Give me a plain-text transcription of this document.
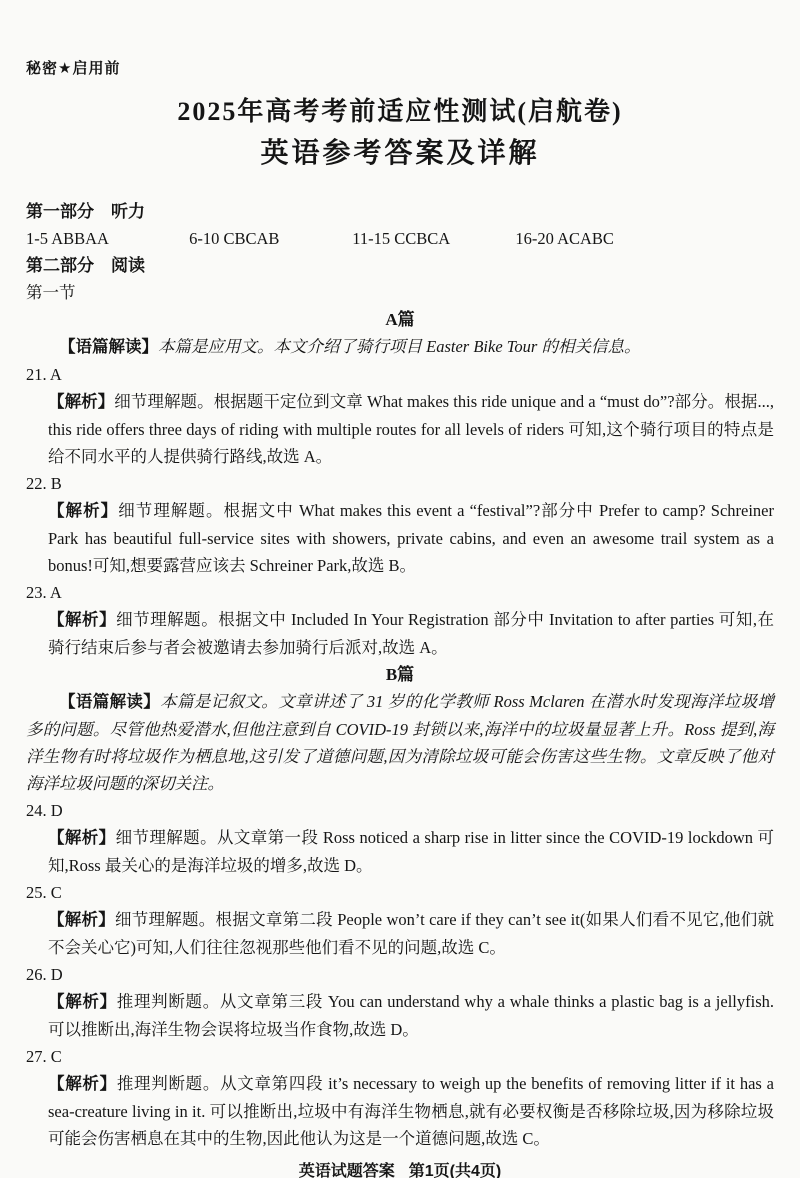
秘密★启用前
2025年高考考前适应性测试(启航卷)
英语参考答案及详解
第一部分　听力
1-5 ABBAA	6-10 CBCAB	11-15 CCBCA	16-20 ACABC
第二部分　阅读
第一节
A篇

【语篇解读】本篇是应用文。本文介绍了骑行项目 Easter Bike Tour 的相关信息。

21. A

【解析】细节理解题。根据题干定位到文章 What makes this ride unique and a “must do”?部分。根据..., this ride offers three days of riding with multiple routes for all levels of riders 可知,这个骑行项目的特点是给不同水平的人提供骑行路线,故选 A。

22. B

【解析】细节理解题。根据文中 What makes this event a “festival”?部分中 Prefer to camp? Schreiner Park has beautiful full-service sites with showers, private cabins, and even an awesome trail system as a bonus!可知,想要露营应该去 Schreiner Park,故选 B。

23. A

【解析】细节理解题。根据文中 Included In Your Registration 部分中 Invitation to after parties 可知,在骑行结束后参与者会被邀请去参加骑行后派对,故选 A。

B篇

【语篇解读】本篇是记叙文。文章讲述了 31 岁的化学教师 Ross Mclaren 在潜水时发现海洋垃圾增多的问题。尽管他热爱潜水,但他注意到自 COVID-19 封锁以来,海洋中的垃圾量显著上升。Ross 提到,海洋生物有时将垃圾作为栖息地,这引发了道德问题,因为清除垃圾可能会伤害这些生物。文章反映了他对海洋垃圾问题的深切关注。

24. D

【解析】细节理解题。从文章第一段 Ross noticed a sharp rise in litter since the COVID-19 lockdown 可知,Ross 最关心的是海洋垃圾的增多,故选 D。

25. C

【解析】细节理解题。根据文章第二段 People won’t care if they can’t see it(如果人们看不见它,他们就不会关心它)可知,人们往往忽视那些他们看不见的问题,故选 C。

26. D

【解析】推理判断题。从文章第三段 You can understand why a whale thinks a plastic bag is a jellyfish. 可以推断出,海洋生物会误将垃圾当作食物,故选 D。

27. C

【解析】推理判断题。从文章第四段 it’s necessary to weigh up the benefits of removing litter if it has a sea-creature living in it. 可以推断出,垃圾中有海洋生物栖息,就有必要权衡是否移除垃圾,因为移除垃圾可能会伤害栖息在其中的生物,因此他认为这是一个道德问题,故选 C。

英语试题答案 第1页(共4页)
